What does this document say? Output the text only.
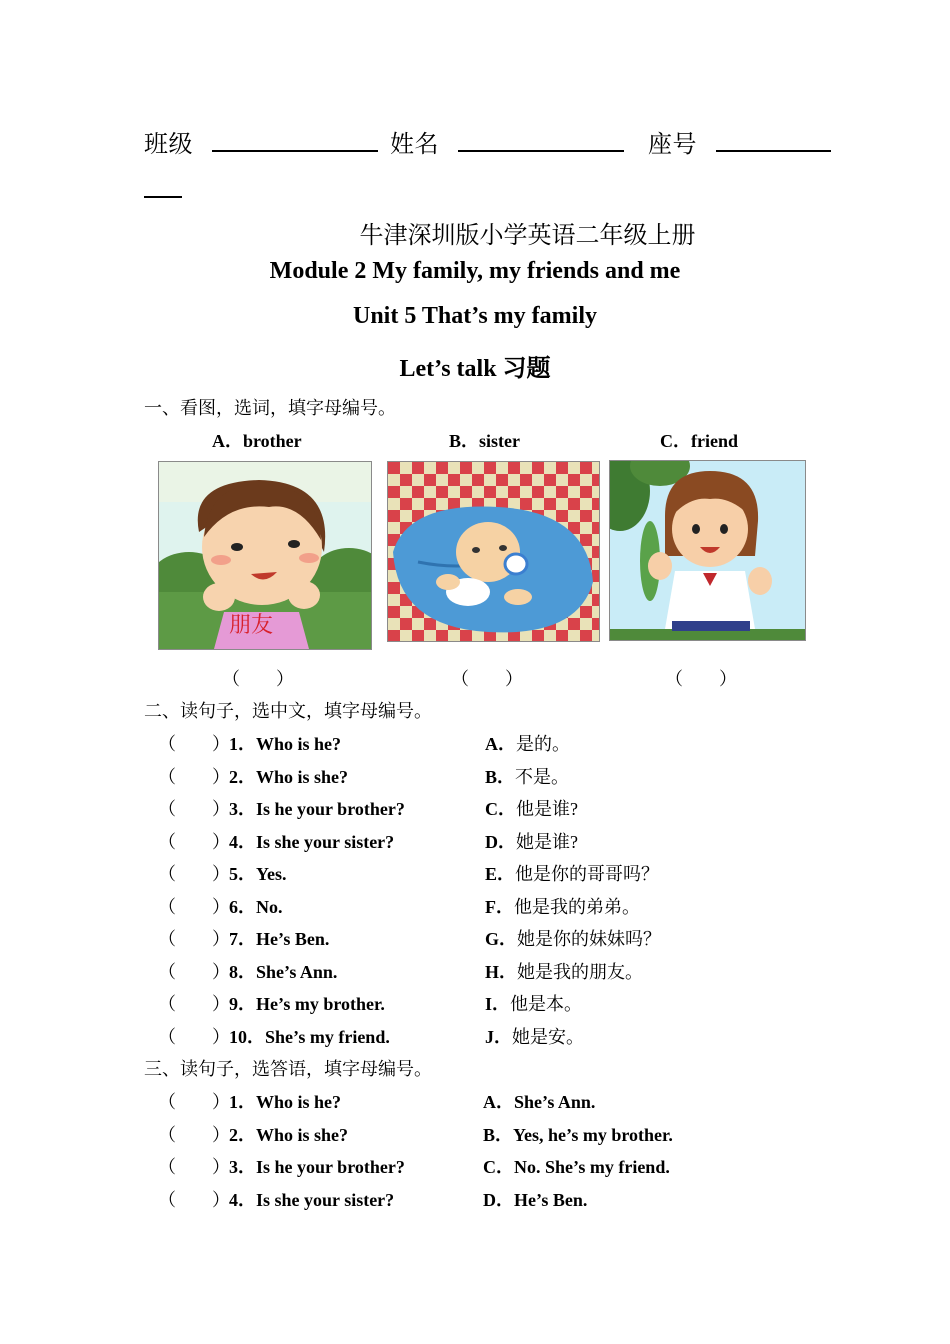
班级	姓名	座号
牛津深圳版小学英语二年级上册
Module 2 My family, my friends and me
Unit 5 That’s my family
Let’s talk 习题
一、看图，选词，填字母编号。
A．brother	B．sister	C．friend
朋友
（　　）	（　　）	（　　）
二、读句子，选中文，填字母编号。
（　　） 1．Who is he?	A．是的。
（　　） 2．Who is she?	B．不是。
（　　） 3．Is he your brother?	C．他是谁?
（　　） 4．Is she your sister?	D．她是谁?
（　　） 5．Yes.	E．他是你的哥哥吗？
（　　） 6．No.	F．他是我的弟弟。
（　　） 7．He’s Ben.	G．她是你的妹妹吗？
（　　） 8．She’s Ann.	H．她是我的朋友。
（　　） 9．He’s my brother.	I．他是本。
（　　） 10．She’s my friend.	J．她是安。
三、读句子，选答语，填字母编号。
（　　） 1．Who is he?	A．She’s Ann.
（　　） 2．Who is she?	B．Yes, he’s my brother.
（　　） 3．Is he your brother?	C．No. She’s my friend.
（　　） 4．Is she your sister?	D．He’s Ben.
